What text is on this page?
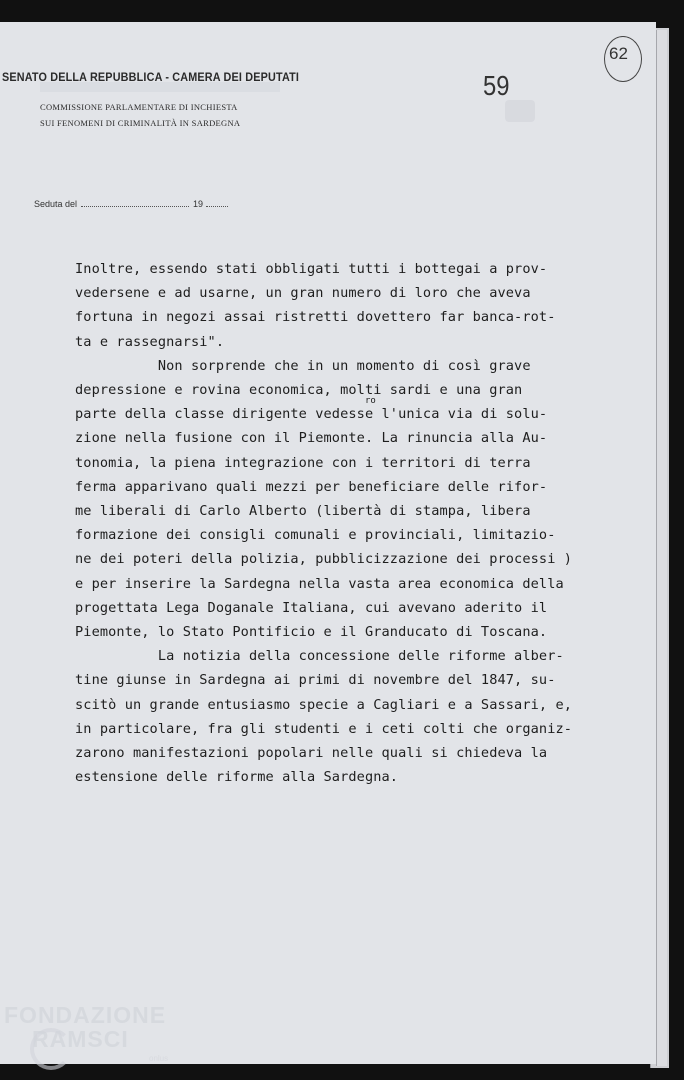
SENATO DELLA REPUBBLICA - CAMERA DEI DEPUTATI
COMMISSIONE PARLAMENTARE DI INCHIESTA
SUI FENOMENI DI CRIMINALITÀ IN SARDEGNA
59
62
Seduta del	19
Inoltre, essendo stati obbligati tutti i bottegai a prov-
vedersene e ad usarne, un gran numero di loro che aveva
fortuna in negozi assai ristretti dovettero far banca-rot-
ta e rassegnarsi".
Non sorprende che in un momento di così grave
depressione e rovina economica, molti sardi e una gran
parte della classe dirigente vedesse l'unica via di solu-
zione nella fusione con il Piemonte. La rinuncia alla Au-
tonomia, la piena integrazione con i territori di terra
ferma apparivano quali mezzi per beneficiare delle rifor-
me liberali di Carlo Alberto (libertà di stampa, libera
formazione dei consigli comunali e provinciali, limitazio-
ne dei poteri della polizia, pubblicizzazione dei processi )
e per inserire la Sardegna nella vasta area economica della
progettata Lega Doganale Italiana, cui avevano aderito il
Piemonte, lo Stato Pontificio e il Granducato di Toscana.
La notizia della concessione delle riforme alber-
tine giunse in Sardegna ai primi di novembre del 1847, su-
scitò un grande entusiasmo specie a Cagliari e a Sassari, e,
in particolare, fra gli studenti e i ceti colti che organiz-
zarono manifestazioni popolari nelle quali si chiedeva la
estensione delle riforme alla Sardegna.
ro
FONDAZIONE
RAMSCI
onlus
